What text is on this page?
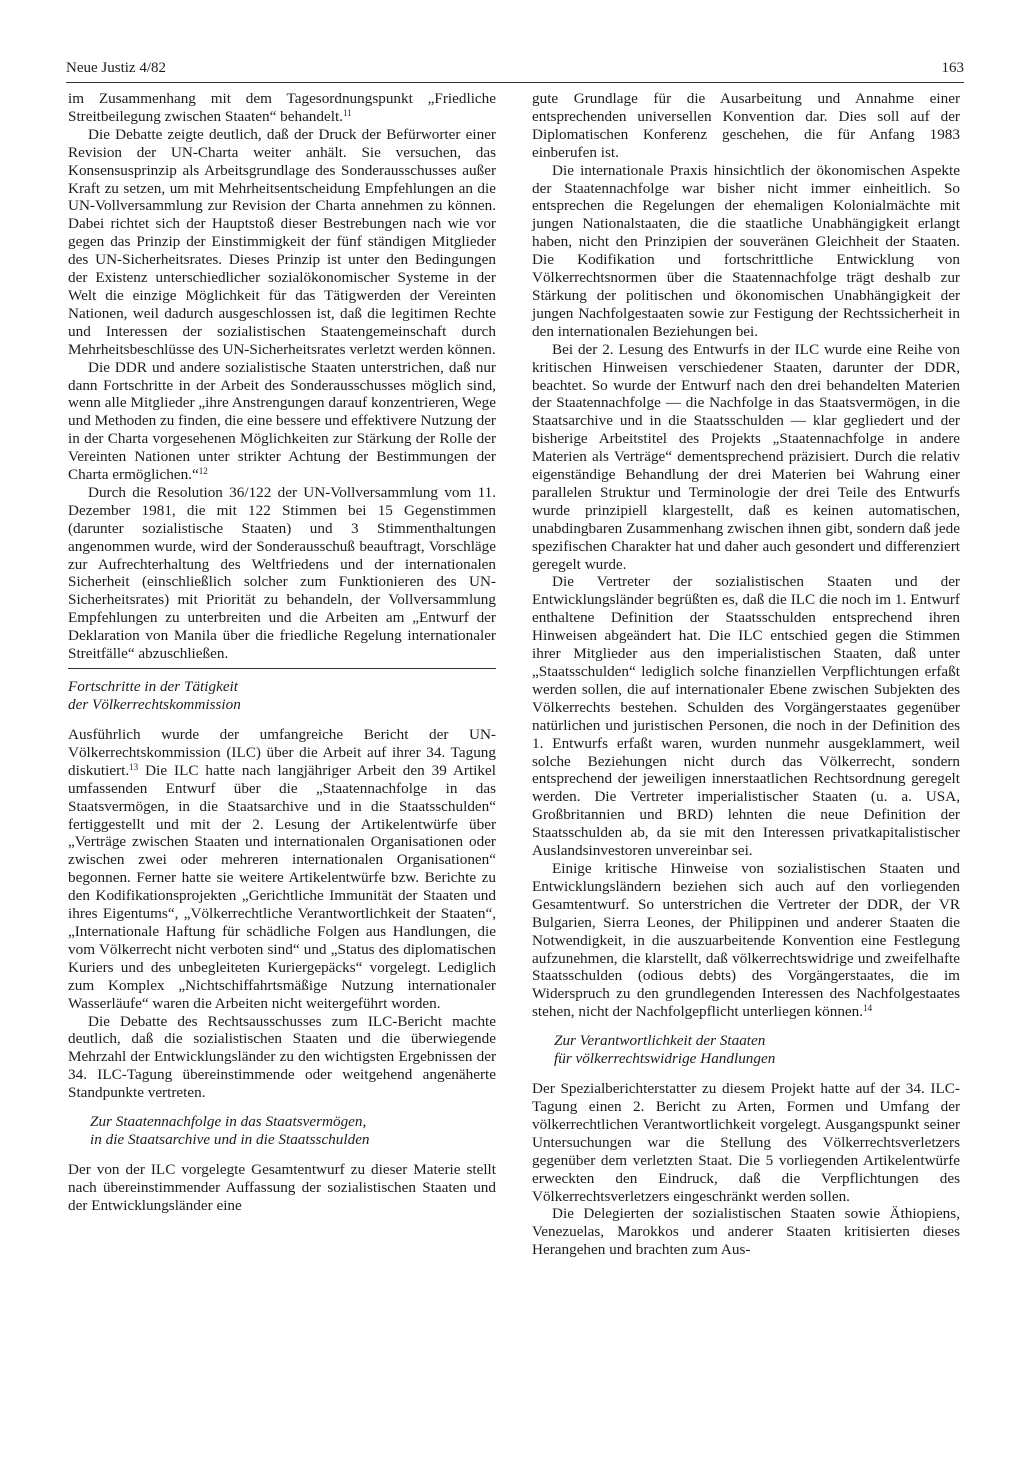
Neue Justiz 4/82	163

im Zusammenhang mit dem Tagesordnungspunkt „Friedliche Streitbeilegung zwischen Staaten“ behandelt.$^{11}$

Die Debatte zeigte deutlich, daß der Druck der Befürworter einer Revision der UN-Charta weiter anhält. Sie versuchen, das Konsensusprinzip als Arbeitsgrundlage des Sonderausschusses außer Kraft zu setzen, um mit Mehrheitsentscheidung Empfehlungen an die UN-Vollversammlung zur Revision der Charta annehmen zu können. Dabei richtet sich der Hauptstoß dieser Bestrebungen nach wie vor gegen das Prinzip der Einstimmigkeit der fünf ständigen Mitglieder des UN-Sicherheitsrates. Dieses Prinzip ist unter den Bedingungen der Existenz unterschiedlicher sozialökonomischer Systeme in der Welt die einzige Möglichkeit für das Tätigwerden der Vereinten Nationen, weil dadurch ausgeschlossen ist, daß die legitimen Rechte und Interessen der sozialistischen Staatengemeinschaft durch Mehrheitsbeschlüsse des UN-Sicherheitsrates verletzt werden können.

Die DDR und andere sozialistische Staaten unterstrichen, daß nur dann Fortschritte in der Arbeit des Sonderausschusses möglich sind, wenn alle Mitglieder „ihre Anstrengungen darauf konzentrieren, Wege und Methoden zu finden, die eine bessere und effektivere Nutzung der in der Charta vorgesehenen Möglichkeiten zur Stärkung der Rolle der Vereinten Nationen unter strikter Achtung der Bestimmungen der Charta ermöglichen.“$^{12}$

Durch die Resolution 36/122 der UN-Vollversammlung vom 11. Dezember 1981, die mit 122 Stimmen bei 15 Gegenstimmen (darunter sozialistische Staaten) und 3 Stimmenthaltungen angenommen wurde, wird der Sonderausschuß beauftragt, Vorschläge zur Aufrechterhaltung des Weltfriedens und der internationalen Sicherheit (einschließlich solcher zum Funktionieren des UN-Sicherheitsrates) mit Priorität zu behandeln, der Vollversammlung Empfehlungen zu unterbreiten und die Arbeiten am „Entwurf der Deklaration von Manila über die friedliche Regelung internationaler Streitfälle“ abzuschließen.

Fortschritte in der Tätigkeit
der Völkerrechtskommission

Ausführlich wurde der umfangreiche Bericht der UN-Völkerrechtskommission (ILC) über die Arbeit auf ihrer 34. Tagung diskutiert.$^{13}$ Die ILC hatte nach langjähriger Arbeit den 39 Artikel umfassenden Entwurf über die „Staatennachfolge in das Staatsvermögen, in die Staatsarchive und in die Staatsschulden“ fertiggestellt und mit der 2. Lesung der Artikelentwürfe über „Verträge zwischen Staaten und internationalen Organisationen oder zwischen zwei oder mehreren internationalen Organisationen“ begonnen. Ferner hatte sie weitere Artikelentwürfe bzw. Berichte zu den Kodifikationsprojekten „Gerichtliche Immunität der Staaten und ihres Eigentums“, „Völkerrechtliche Verantwortlichkeit der Staaten“, „Internationale Haftung für schädliche Folgen aus Handlungen, die vom Völkerrecht nicht verboten sind“ und „Status des diplomatischen Kuriers und des unbegleiteten Kuriergepäcks“ vorgelegt. Lediglich zum Komplex „Nichtschiffahrtsmäßige Nutzung internationaler Wasserläufe“ waren die Arbeiten nicht weitergeführt worden.

Die Debatte des Rechtsausschusses zum ILC-Bericht machte deutlich, daß die sozialistischen Staaten und die überwiegende Mehrzahl der Entwicklungsländer zu den wichtigsten Ergebnissen der 34. ILC-Tagung übereinstimmende oder weitgehend angenäherte Standpunkte vertreten.

Zur Staatennachfolge in das Staatsvermögen,
in die Staatsarchive und in die Staatsschulden

Der von der ILC vorgelegte Gesamtentwurf zu dieser Materie stellt nach übereinstimmender Auffassung der sozialistischen Staaten und der Entwicklungsländer eine

gute Grundlage für die Ausarbeitung und Annahme einer entsprechenden universellen Konvention dar. Dies soll auf der Diplomatischen Konferenz geschehen, die für Anfang 1983 einberufen ist.

Die internationale Praxis hinsichtlich der ökonomischen Aspekte der Staatennachfolge war bisher nicht immer einheitlich. So entsprechen die Regelungen der ehemaligen Kolonialmächte mit jungen Nationalstaaten, die die staatliche Unabhängigkeit erlangt haben, nicht den Prinzipien der souveränen Gleichheit der Staaten. Die Kodifikation und fortschrittliche Entwicklung von Völkerrechtsnormen über die Staatennachfolge trägt deshalb zur Stärkung der politischen und ökonomischen Unabhängigkeit der jungen Nachfolgestaaten sowie zur Festigung der Rechtssicherheit in den internationalen Beziehungen bei.

Bei der 2. Lesung des Entwurfs in der ILC wurde eine Reihe von kritischen Hinweisen verschiedener Staaten, darunter der DDR, beachtet. So wurde der Entwurf nach den drei behandelten Materien der Staatennachfolge — die Nachfolge in das Staatsvermögen, in die Staatsarchive und in die Staatsschulden — klar gegliedert und der bisherige Arbeitstitel des Projekts „Staatennachfolge in andere Materien als Verträge“ dementsprechend präzisiert. Durch die relativ eigenständige Behandlung der drei Materien bei Wahrung einer parallelen Struktur und Terminologie der drei Teile des Entwurfs wurde prinzipiell klargestellt, daß es keinen automatischen, unabdingbaren Zusammenhang zwischen ihnen gibt, sondern daß jede spezifischen Charakter hat und daher auch gesondert und differenziert geregelt wurde.

Die Vertreter der sozialistischen Staaten und der Entwicklungsländer begrüßten es, daß die ILC die noch im 1. Entwurf enthaltene Definition der Staatsschulden entsprechend ihren Hinweisen abgeändert hat. Die ILC entschied gegen die Stimmen ihrer Mitglieder aus den imperialistischen Staaten, daß unter „Staatsschulden“ lediglich solche finanziellen Verpflichtungen erfaßt werden sollen, die auf internationaler Ebene zwischen Subjekten des Völkerrechts bestehen. Schulden des Vorgängerstaates gegenüber natürlichen und juristischen Personen, die noch in der Definition des 1. Entwurfs erfaßt waren, wurden nunmehr ausgeklammert, weil solche Beziehungen nicht durch das Völkerrecht, sondern entsprechend der jeweiligen innerstaatlichen Rechtsordnung geregelt werden. Die Vertreter imperialistischer Staaten (u. a. USA, Großbritannien und BRD) lehnten die neue Definition der Staatsschulden ab, da sie mit den Interessen privatkapitalistischer Auslandsinvestoren unvereinbar sei.

Einige kritische Hinweise von sozialistischen Staaten und Entwicklungsländern beziehen sich auch auf den vorliegenden Gesamtentwurf. So unterstrichen die Vertreter der DDR, der VR Bulgarien, Sierra Leones, der Philippinen und anderer Staaten die Notwendigkeit, in die auszuarbeitende Konvention eine Festlegung aufzunehmen, die klarstellt, daß völkerrechtswidrige und zweifelhafte Staatsschulden (odious debts) des Vorgängerstaates, die im Widerspruch zu den grundlegenden Interessen des Nachfolgestaates stehen, nicht der Nachfolgepflicht unterliegen können.$^{14}$

Zur Verantwortlichkeit der Staaten
für völkerrechtswidrige Handlungen

Der Spezialberichterstatter zu diesem Projekt hatte auf der 34. ILC-Tagung einen 2. Bericht zu Arten, Formen und Umfang der völkerrechtlichen Verantwortlichkeit vorgelegt. Ausgangspunkt seiner Untersuchungen war die Stellung des Völkerrechtsverletzers gegenüber dem verletzten Staat. Die 5 vorliegenden Artikelentwürfe erweckten den Eindruck, daß die Verpflichtungen des Völkerrechtsverletzers eingeschränkt werden sollen.

Die Delegierten der sozialistischen Staaten sowie Äthiopiens, Venezuelas, Marokkos und anderer Staaten kritisierten dieses Herangehen und brachten zum Aus-
